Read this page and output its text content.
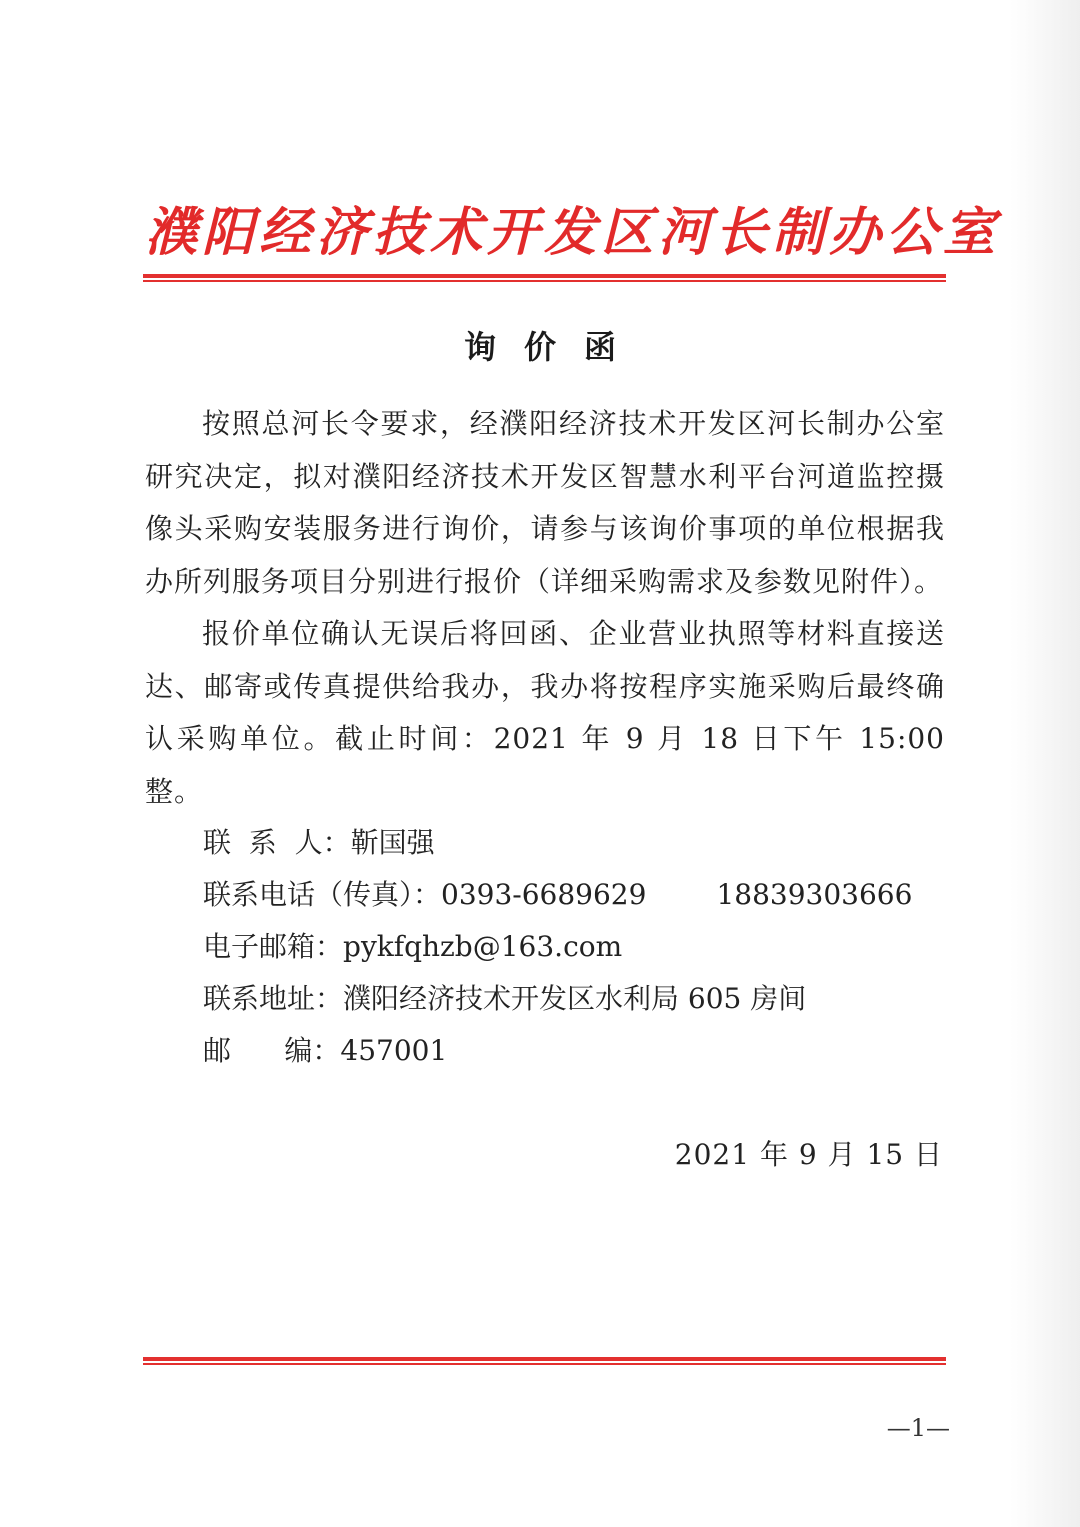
濮阳经济技术开发区河长制办公室
询价函

按照总河长令要求，经濮阳经济技术开发区河长制办公室研究决定，拟对濮阳经济技术开发区智慧水利平台河道监控摄像头采购安装服务进行询价，请参与该询价事项的单位根据我办所列服务项目分别进行报价（详细采购需求及参数见附件）。

报价单位确认无误后将回函、企业营业执照等材料直接送达、邮寄或传真提供给我办，我办将按程序实施采购后最终确认采购单位。截止时间：2021 年 9 月 18 日下午 15:00 整。

联  系  人：靳国强
联系电话（传真）：0393-6689629	18839303666
电子邮箱：pykfqhzb@163.com
联系地址：濮阳经济技术开发区水利局 605 房间
邮      编：457001
2021 年 9 月 15 日
—1—
